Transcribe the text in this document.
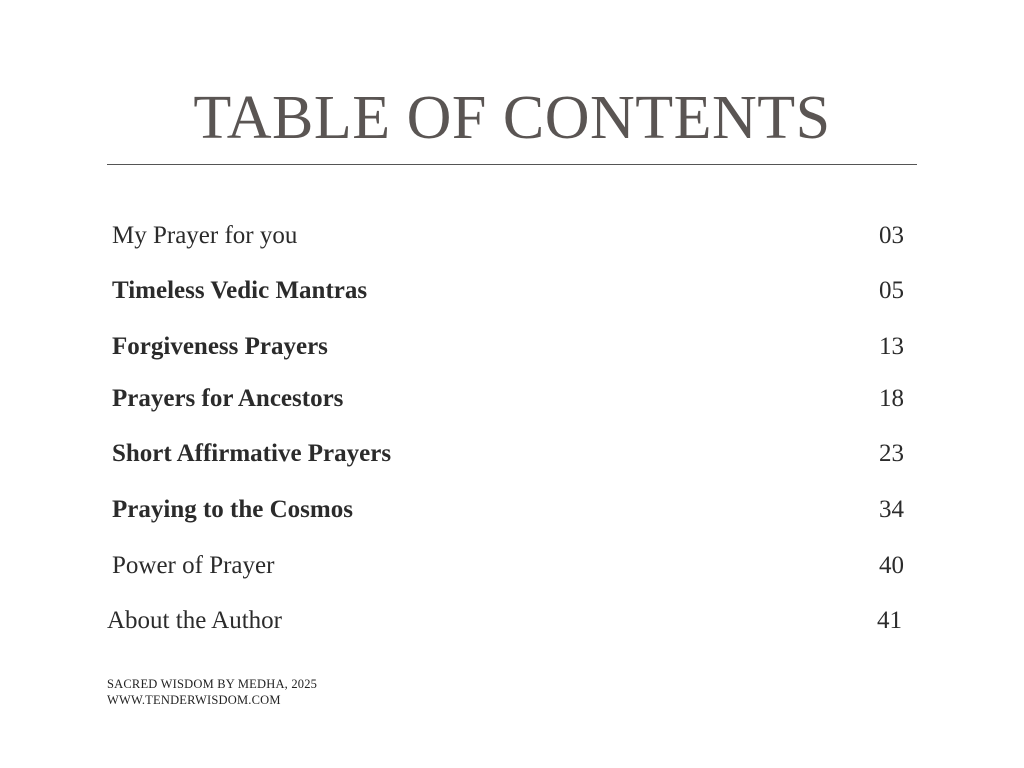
TABLE OF CONTENTS
My Prayer for you	03
Timeless Vedic Mantras	05
Forgiveness Prayers	13
Prayers for Ancestors	18
Short Affirmative Prayers	23
Praying to the Cosmos	34
Power of Prayer	40
About the Author	41
SACRED WISDOM BY MEDHA, 2025
WWW.TENDERWISDOM.COM
